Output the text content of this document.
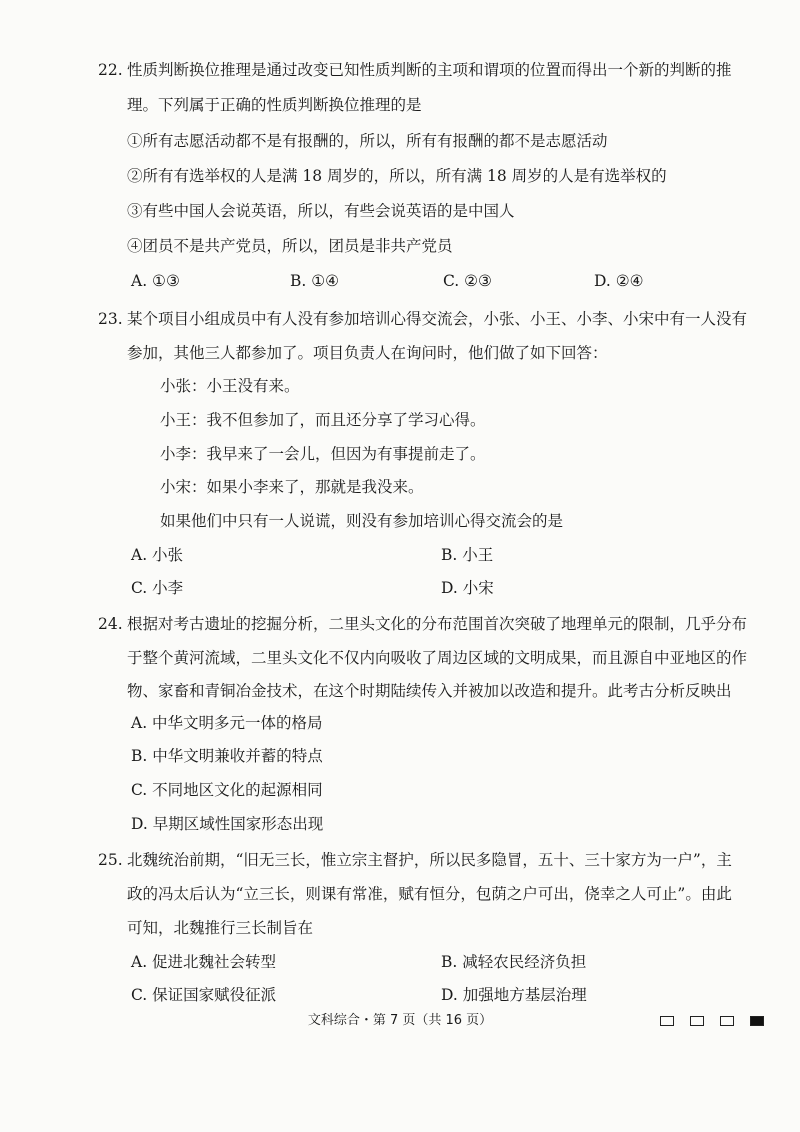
22. 性质判断换位推理是通过改变已知性质判断的主项和谓项的位置而得出一个新的判断的推
理。下列属于正确的性质判断换位推理的是
①所有志愿活动都不是有报酬的，所以，所有有报酬的都不是志愿活动
②所有有选举权的人是满 18 周岁的，所以，所有满 18 周岁的人是有选举权的
③有些中国人会说英语，所以，有些会说英语的是中国人
④团员不是共产党员，所以，团员是非共产党员
A. ①③	B. ①④	C. ②③	D. ②④
23. 某个项目小组成员中有人没有参加培训心得交流会，小张、小王、小李、小宋中有一人没有
参加，其他三人都参加了。项目负责人在询问时，他们做了如下回答：
小张：小王没有来。
小王：我不但参加了，而且还分享了学习心得。
小李：我早来了一会儿，但因为有事提前走了。
小宋：如果小李来了，那就是我没来。
如果他们中只有一人说谎，则没有参加培训心得交流会的是
A. 小张	B. 小王
C. 小李	D. 小宋
24. 根据对考古遗址的挖掘分析，二里头文化的分布范围首次突破了地理单元的限制，几乎分布
于整个黄河流域，二里头文化不仅内向吸收了周边区域的文明成果，而且源自中亚地区的作
物、家畜和青铜冶金技术，在这个时期陆续传入并被加以改造和提升。此考古分析反映出
A. 中华文明多元一体的格局
B. 中华文明兼收并蓄的特点
C. 不同地区文化的起源相同
D. 早期区域性国家形态出现
25. 北魏统治前期，“旧无三长，惟立宗主督护，所以民多隐冒，五十、三十家方为一户”，主
政的冯太后认为“立三长，则课有常准，赋有恒分，包荫之户可出，侥幸之人可止”。由此
可知，北魏推行三长制旨在
A. 促进北魏社会转型	B. 减轻农民经济负担
C. 保证国家赋役征派	D. 加强地方基层治理
文科综合・第 7 页（共 16 页）
